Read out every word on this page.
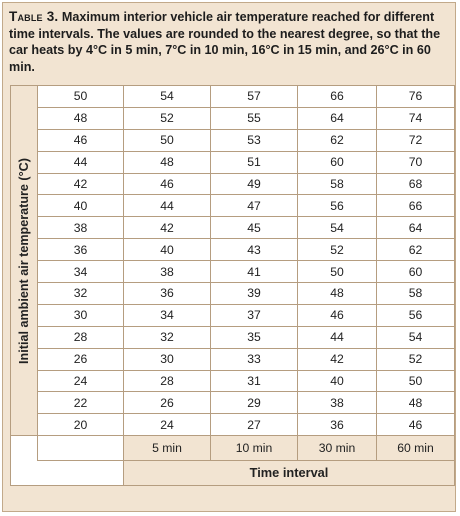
Table 3. Maximum interior vehicle air temperature reached for different time intervals. The values are rounded to the nearest degree, so that the car heats by 4°C in 5 min, 7°C in 10 min, 16°C in 15 min, and 26°C in 60 min.
Initial ambient air temperature (°C)	50	54	57	66	76
	48	52	55	64	74
	46	50	53	62	72
	44	48	51	60	70
	42	46	49	58	68
	40	44	47	56	66
	38	42	45	54	64
	36	40	43	52	62
	34	38	41	50	60
	32	36	39	48	58
	30	34	37	46	56
	28	32	35	44	54
	26	30	33	42	52
	24	28	31	40	50
	22	26	29	38	48
	20	24	27	36	46
		5 min	10 min	30 min	60 min
		Time interval			
